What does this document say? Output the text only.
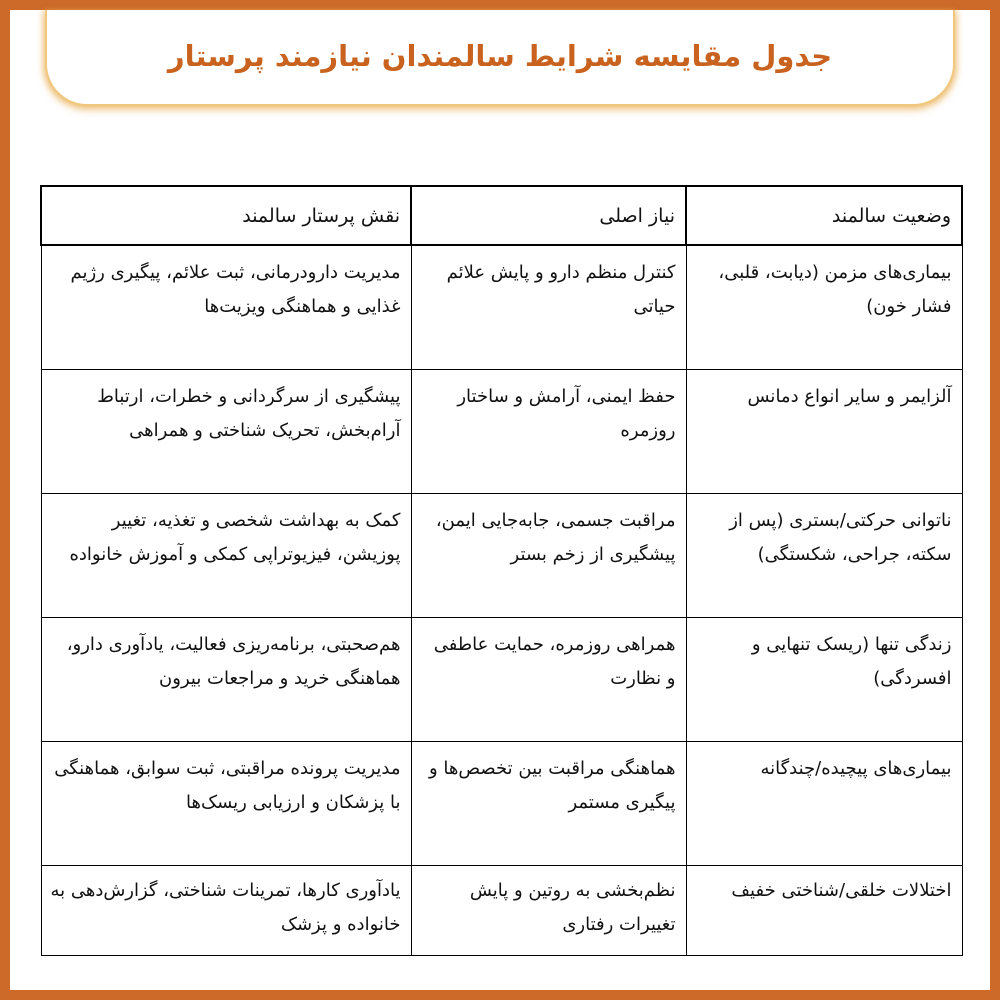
جدول مقایسه شرایط سالمندان نیازمند پرستار
وضعیت سالمند	نیاز اصلی	نقش پرستار سالمند
بیماری‌های مزمن (دیابت، قلبی، فشار خون)	کنترل منظم دارو و پایش علائم حیاتی	مدیریت دارودرمانی، ثبت علائم، پیگیری رژیم غذایی و هماهنگی ویزیت‌ها
آلزایمر و سایر انواع دمانس	حفظ ایمنی، آرامش و ساختار روزمره	پیشگیری از سرگردانی و خطرات، ارتباط آرام‌بخش، تحریک شناختی و همراهی
ناتوانی حرکتی/بستری (پس از سکته، جراحی، شکستگی)	مراقبت جسمی، جابه‌جایی ایمن، پیشگیری از زخم بستر	کمک به بهداشت شخصی و تغذیه، تغییر پوزیشن، فیزیوتراپی کمکی و آموزش خانواده
زندگی تنها (ریسک تنهایی و افسردگی)	همراهی روزمره، حمایت عاطفی و نظارت	هم‌صحبتی، برنامه‌ریزی فعالیت، یادآوری دارو، هماهنگی خرید و مراجعات بیرون
بیماری‌های پیچیده/چندگانه	هماهنگی مراقبت بین تخصص‌ها و پیگیری مستمر	مدیریت پرونده مراقبتی، ثبت سوابق، هماهنگی با پزشکان و ارزیابی ریسک‌ها
اختلالات خلقی/شناختی خفیف	نظم‌بخشی به روتین و پایش تغییرات رفتاری	یادآوری کارها، تمرینات شناختی، گزارش‌دهی به خانواده و پزشک
